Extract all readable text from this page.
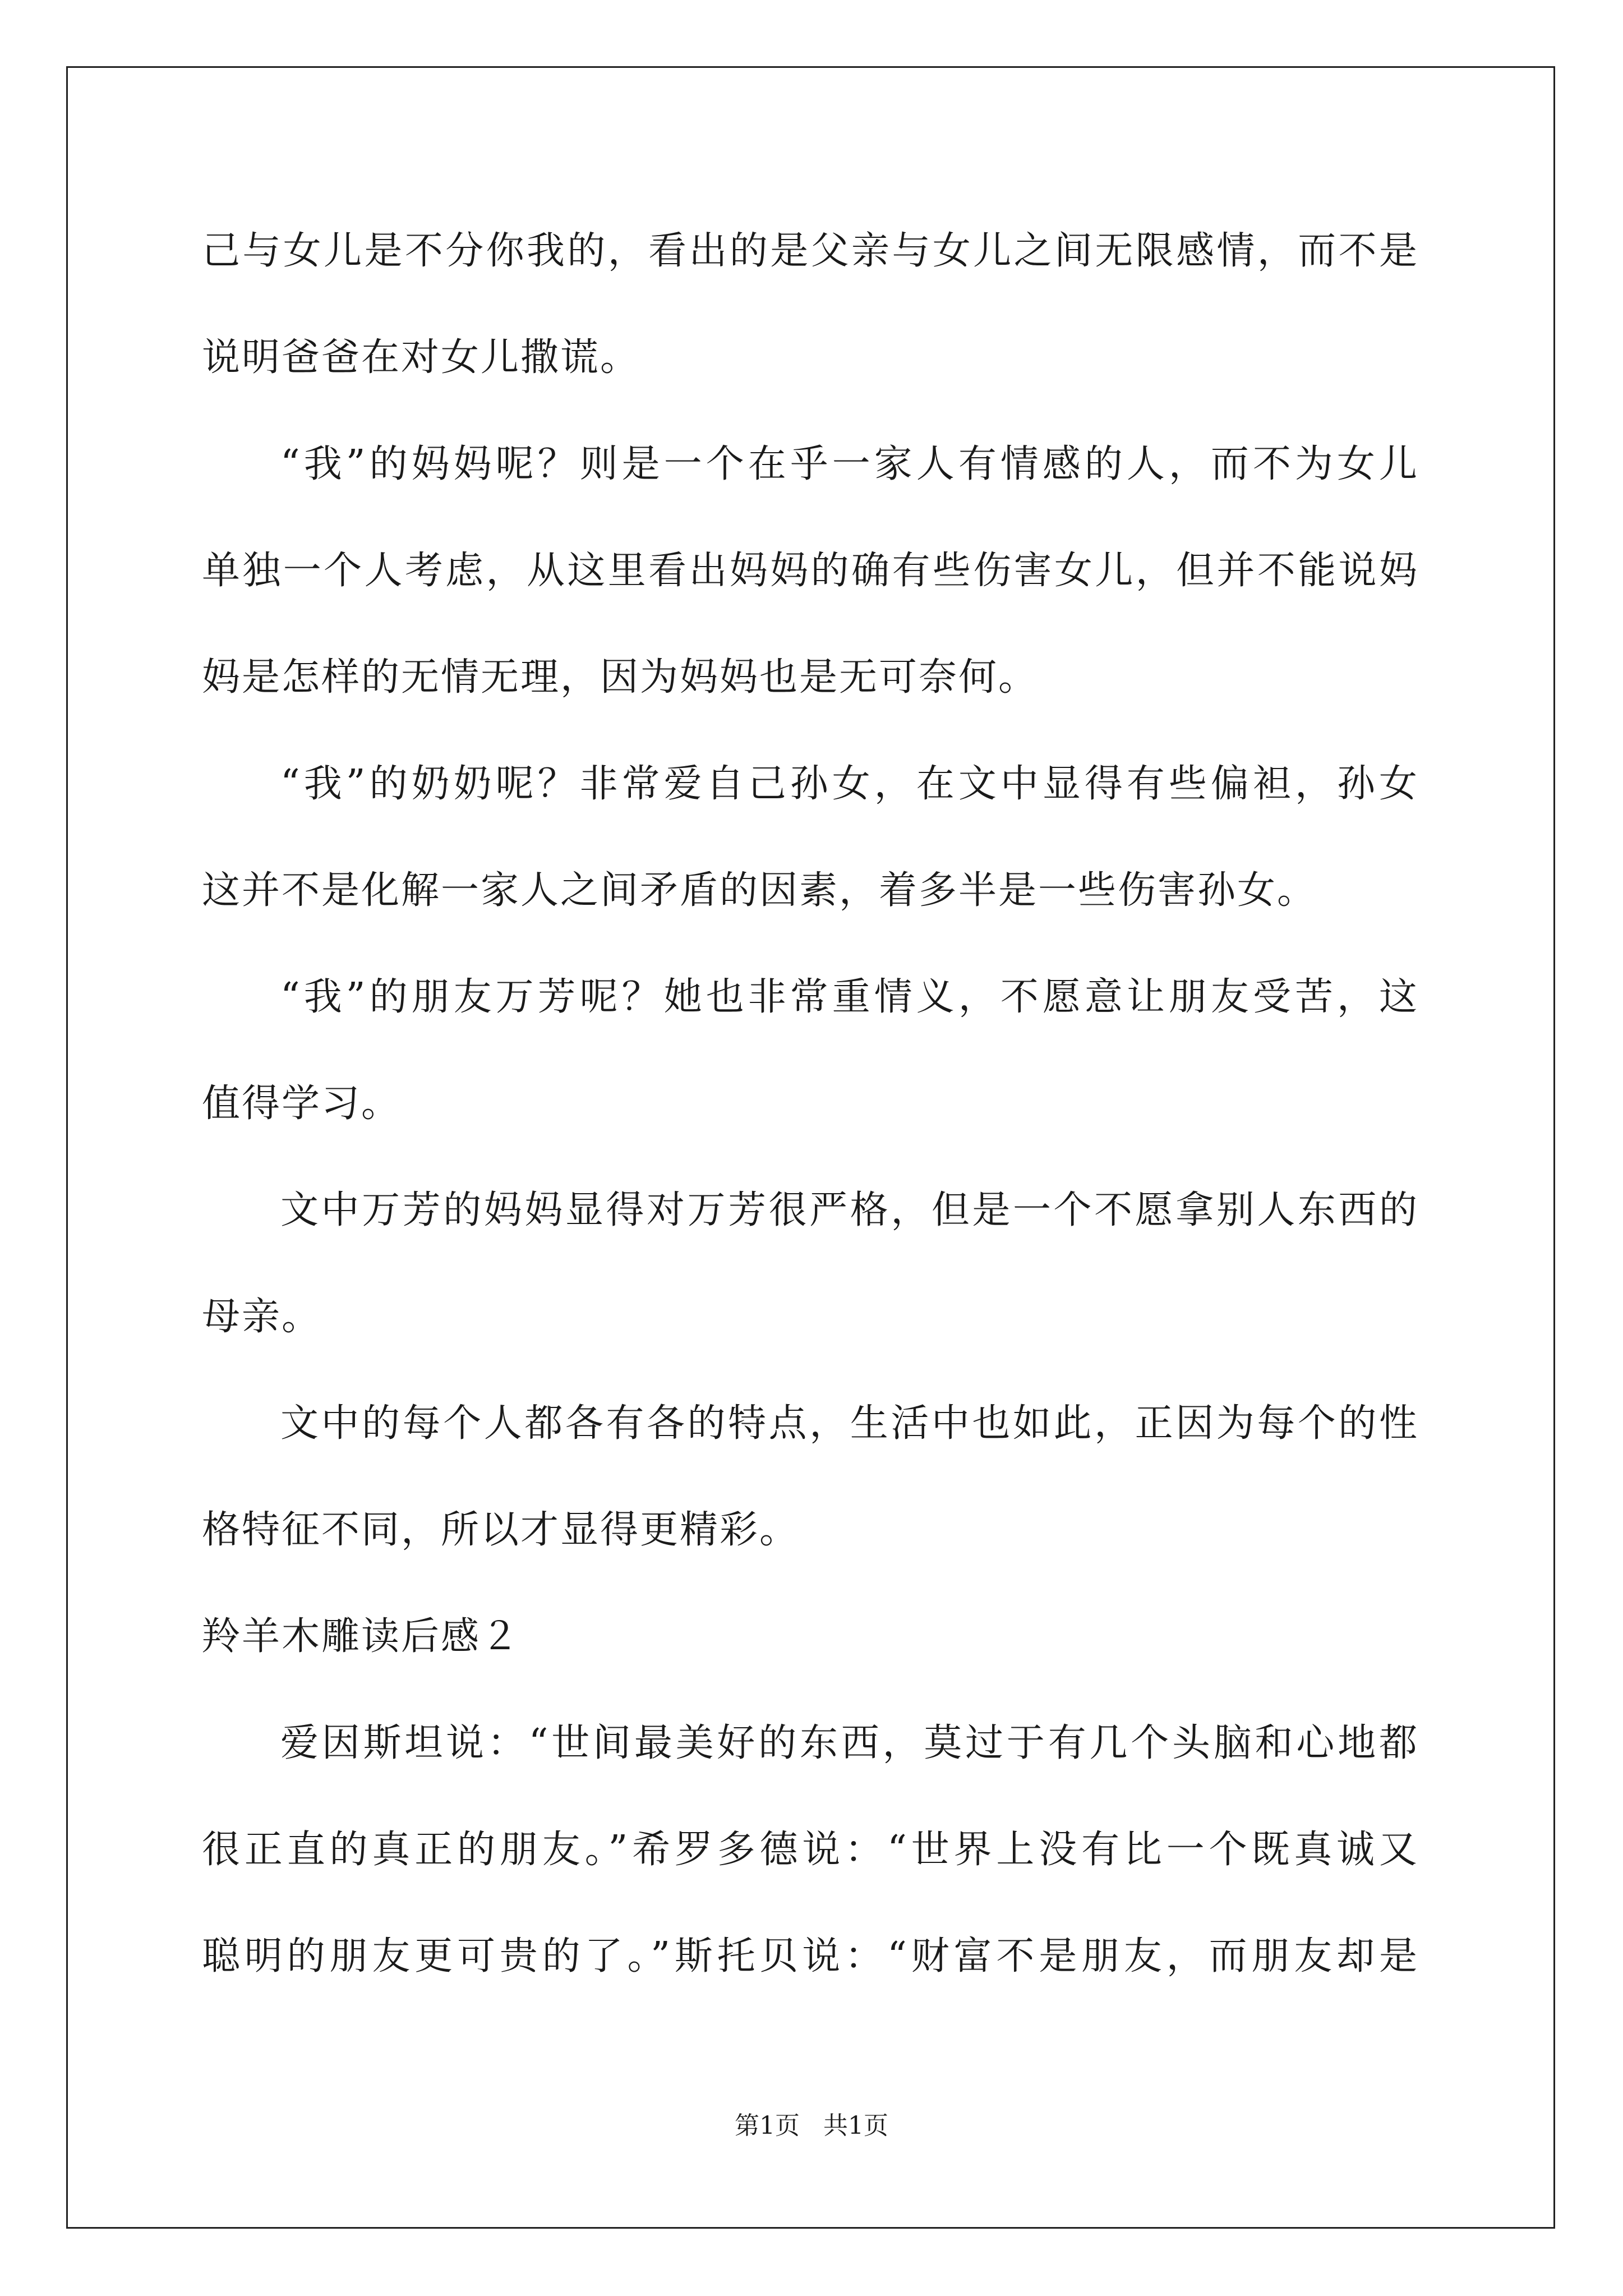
己与女儿是不分你我的，看出的是父亲与女儿之间无限感情，而不是
说明爸爸在对女儿撒谎。
“我”的妈妈呢？则是一个在乎一家人有情感的人，而不为女儿
单独一个人考虑，从这里看出妈妈的确有些伤害女儿，但并不能说妈
妈是怎样的无情无理，因为妈妈也是无可奈何。
“我”的奶奶呢？非常爱自己孙女，在文中显得有些偏袒，孙女
这并不是化解一家人之间矛盾的因素，着多半是一些伤害孙女。
“我”的朋友万芳呢？她也非常重情义，不愿意让朋友受苦，这
值得学习。
文中万芳的妈妈显得对万芳很严格，但是一个不愿拿别人东西的
母亲。
文中的每个人都各有各的特点，生活中也如此，正因为每个的性
格特征不同，所以才显得更精彩。
羚羊木雕读后感２
爱因斯坦说：“世间最美好的东西，莫过于有几个头脑和心地都
很正直的真正的朋友。”希罗多德说：“世界上没有比一个既真诚又
聪明的朋友更可贵的了。”斯托贝说：“财富不是朋友，而朋友却是
第1页   共1页
